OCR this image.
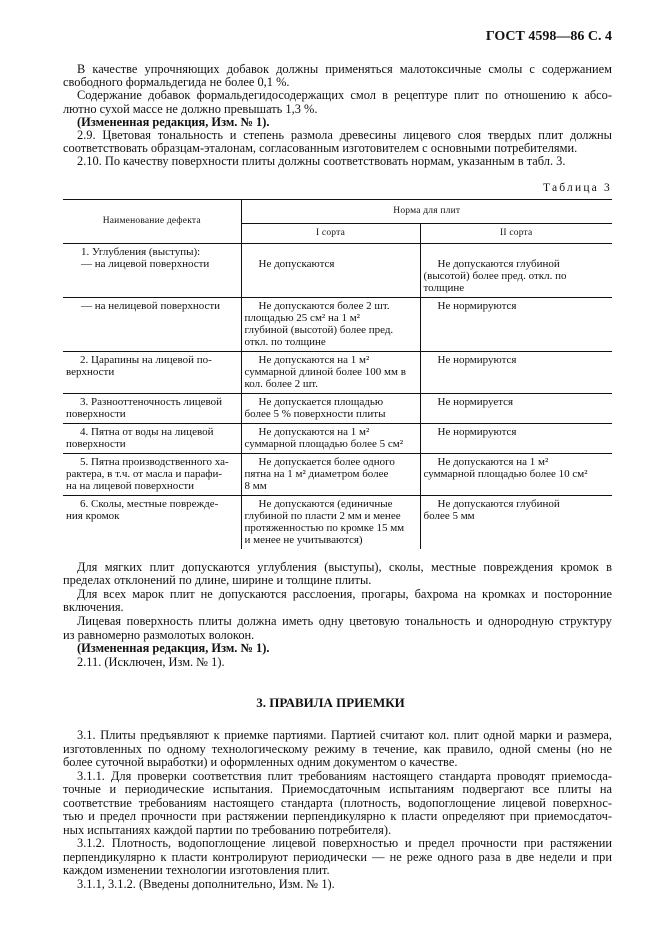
ГОСТ 4598—86 С. 4
В качестве упрочняющих добавок должны применяться малотоксичные смолы с содержанием
свободного формальдегида не более 0,1 %.
Содержание добавок формальдегидосодержащих смол в рецептуре плит по отношению к абсо-
лютно сухой массе не должно превышать 1,3 %.
(Измененная редакция, Изм. № 1).
2.9. Цветовая тональность и степень размола древесины лицевого слоя твердых плит должны
соответствовать образцам-эталонам, согласованным изготовителем с основными потребителями.
2.10. По качеству поверхности плиты должны соответствовать нормам, указанным в табл. 3.
Таблица 3
Наименование дефекта	Норма для плит	
	I сорта	II сорта
1. Углубления (выступы):
— на лицевой поверхности	Не допускаются	Не допускаются глубиной
(высотой) более пред. откл. по
толщине
— на нелицевой поверхности	Не допускаются более 2 шт.
площадью 25 см² на 1 м²
глубиной (высотой) более пред.
откл. по толщине	Не нормируются
2. Царапины на лицевой по-
верхности	Не допускаются на 1 м²
суммарной длиной более 100 мм в
кол. более 2 шт.	Не нормируются
3. Разнооттеночность лицевой
поверхности	Не допускается площадью
более 5 % поверхности плиты	Не нормируется
4. Пятна от воды на лицевой
поверхности	Не допускаются на 1 м²
суммарной площадью более 5 см²	Не нормируются
5. Пятна производственного ха-
рактера, в т.ч. от масла и парафи-
на на лицевой поверхности	Не допускается более одного
пятна на 1 м² диаметром более
8 мм	Не допускаются на 1 м²
суммарной площадью более 10 см²
6. Сколы, местные поврежде-
ния кромок	Не допускаются (единичные
глубиной по пласти 2 мм и менее
протяженностью по кромке 15 мм
и менее не учитываются)	Не допускаются глубиной
более 5 мм
Для мягких плит допускаются углубления (выступы), сколы, местные повреждения кромок в
пределах отклонений по длине, ширине и толщине плиты.
Для всех марок плит не допускаются расслоения, прогары, бахрома на кромках и посторонние
включения.
Лицевая поверхность плиты должна иметь одну цветовую тональность и однородную структуру
из равномерно размолотых волокон.
(Измененная редакция, Изм. № 1).
2.11. (Исключен, Изм. № 1).
3. ПРАВИЛА ПРИЕМКИ
3.1. Плиты предъявляют к приемке партиями. Партией считают кол. плит одной марки и размера,
изготовленных по одному технологическому режиму в течение, как правило, одной смены (но не
более суточной выработки) и оформленных одним документом о качестве.
3.1.1. Для проверки соответствия плит требованиям настоящего стандарта проводят приемосда-
точные и периодические испытания. Приемосдаточным испытаниям подвергают все плиты на
соответствие требованиям настоящего стандарта (плотность, водопоглощение лицевой поверхнос-
тью и предел прочности при растяжении перпендикулярно к пласти определяют при приемосдаточ-
ных испытаниях каждой партии по требованию потребителя).
3.1.2. Плотность, водопоглощение лицевой поверхностью и предел прочности при растяжении
перпендикулярно к пласти контролируют периодически — не реже одного раза в две недели и при
каждом изменении технологии изготовления плит.
3.1.1, 3.1.2. (Введены дополнительно, Изм. № 1).
